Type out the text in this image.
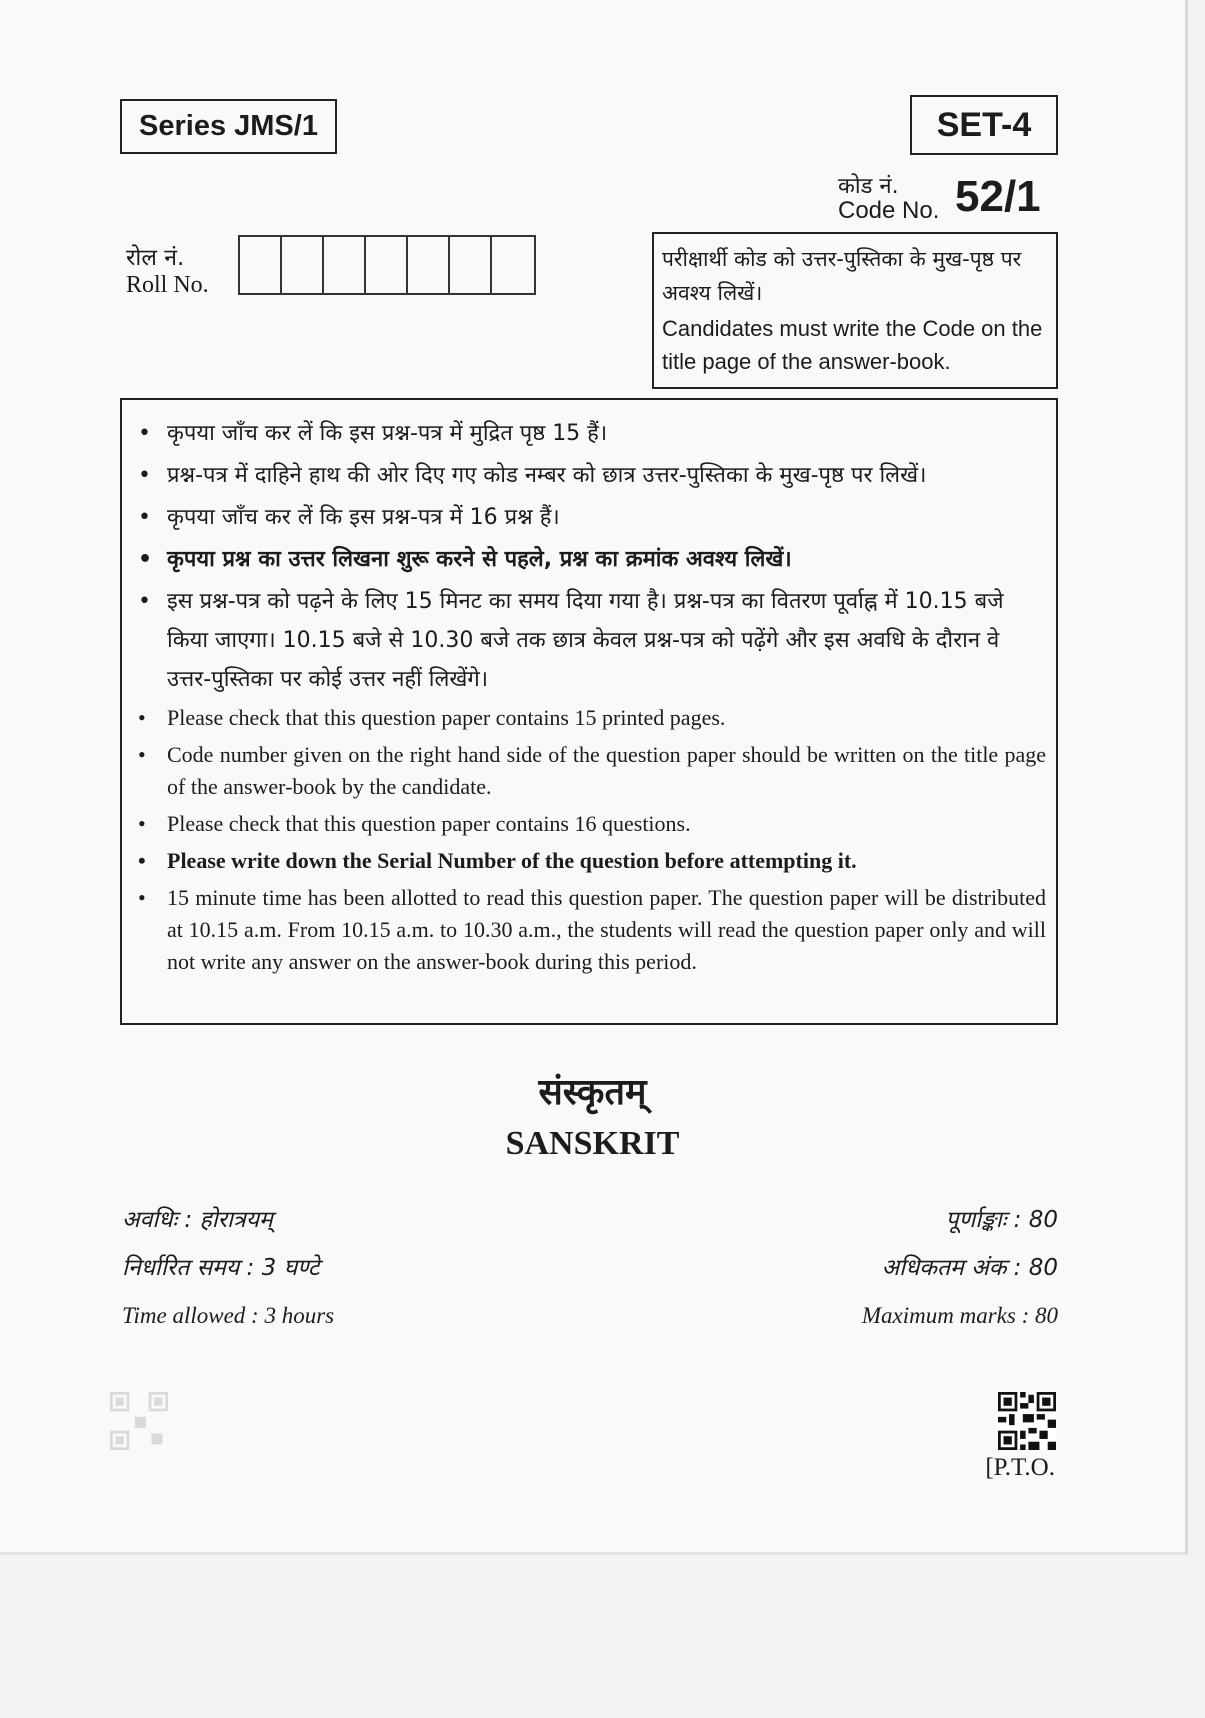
Series JMS/1	SET-4
कोड नं.
Code No. 52/1
रोल नं.
Roll No.
परीक्षार्थी कोड को उत्तर-पुस्तिका के मुख-पृष्ठ पर अवश्य लिखें।
Candidates must write the Code on the title page of the answer-book.
• कृपया जाँच कर लें कि इस प्रश्न-पत्र में मुद्रित पृष्ठ 15 हैं।
• प्रश्न-पत्र में दाहिने हाथ की ओर दिए गए कोड नम्बर को छात्र उत्तर-पुस्तिका के मुख-पृष्ठ पर लिखें।
• कृपया जाँच कर लें कि इस प्रश्न-पत्र में 16 प्रश्न हैं।
• कृपया प्रश्न का उत्तर लिखना शुरू करने से पहले, प्रश्न का क्रमांक अवश्य लिखें।
• इस प्रश्न-पत्र को पढ़ने के लिए 15 मिनट का समय दिया गया है। प्रश्न-पत्र का वितरण पूर्वाह्न में 10.15 बजे किया जाएगा। 10.15 बजे से 10.30 बजे तक छात्र केवल प्रश्न-पत्र को पढ़ेंगे और इस अवधि के दौरान वे उत्तर-पुस्तिका पर कोई उत्तर नहीं लिखेंगे।
• Please check that this question paper contains 15 printed pages.
• Code number given on the right hand side of the question paper should be written on the title page of the answer-book by the candidate.
• Please check that this question paper contains 16 questions.
• Please write down the Serial Number of the question before attempting it.
• 15 minute time has been allotted to read this question paper. The question paper will be distributed at 10.15 a.m. From 10.15 a.m. to 10.30 a.m., the students will read the question paper only and will not write any answer on the answer-book during this period.
संस्कृतम्
SANSKRIT
अवधिः : होरात्रयम्
निर्धारित समय : 3 घण्टे
Time allowed : 3 hours
पूर्णाङ्काः : 80
अधिकतम अंक : 80
Maximum marks : 80
[P.T.O.
